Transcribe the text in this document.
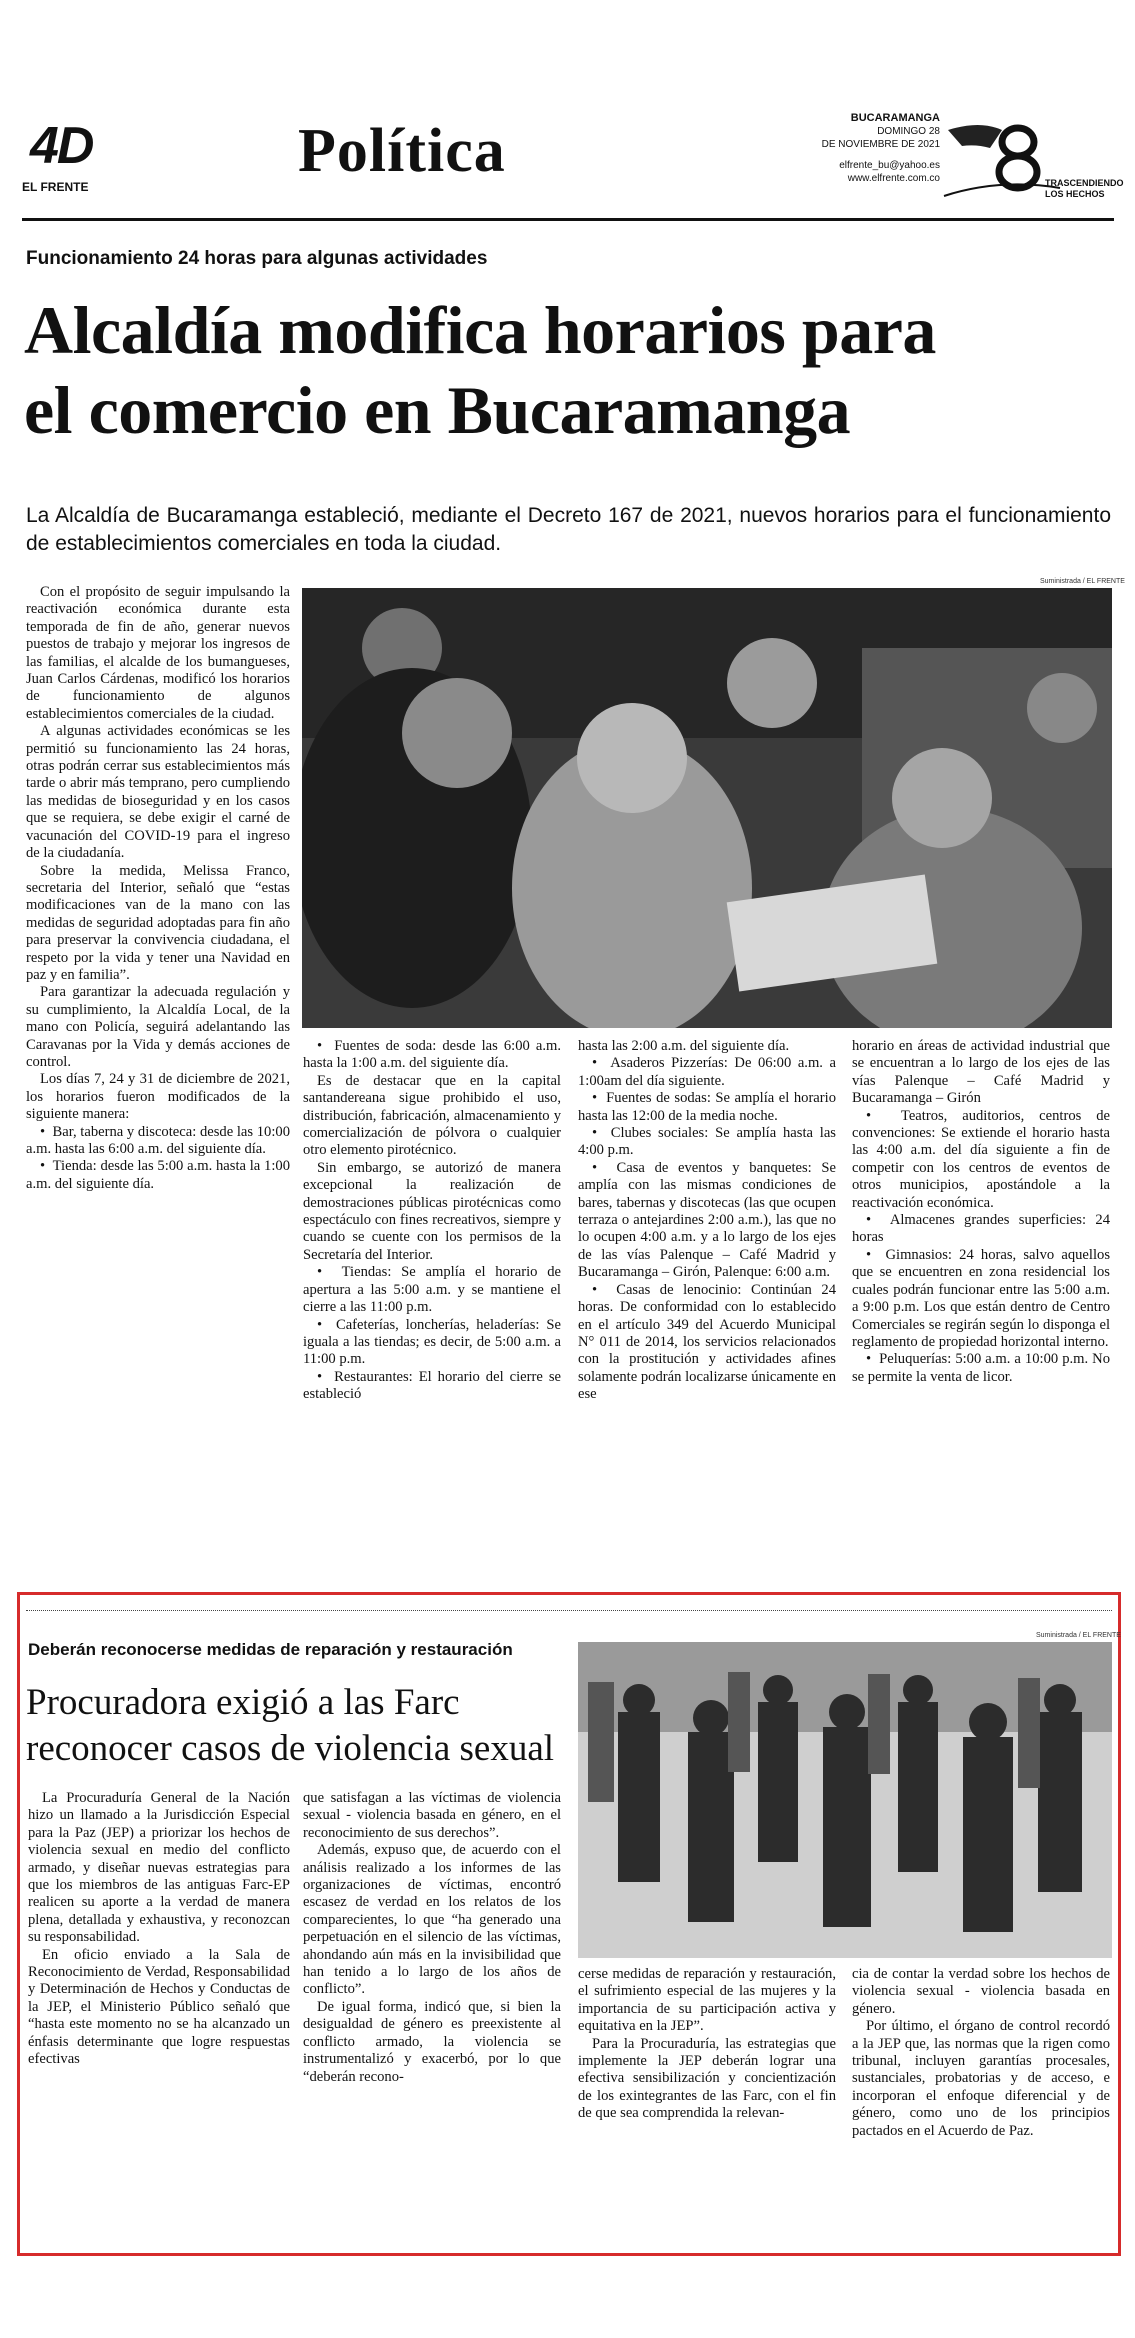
4D
EL FRENTE
Política	BUCARAMANGA
DOMINGO 28
DE NOVIEMBRE DE 2021
elfrente_bu@yahoo.es
www.elfrente.com.co	TRASCENDIENDO
LOS HECHOS
Funcionamiento 24 horas para algunas actividades
Alcaldía modifica horarios para
el comercio en Bucaramanga
La Alcaldía de Bucaramanga estableció, mediante el Decreto 167 de 2021, nuevos horarios para el funcionamiento de establecimientos comerciales en toda la ciudad.
Suministrada / EL FRENTE

Con el propósito de seguir impulsando la reactivación económica durante esta temporada de fin de año, generar nuevos puestos de trabajo y mejorar los ingresos de las familias, el alcalde de los bumangueses, Juan Carlos Cárdenas, modificó los horarios de funcionamiento de algunos establecimientos comerciales de la ciudad.

A algunas actividades económicas se les permitió su funcionamiento las 24 horas, otras podrán cerrar sus establecimientos más tarde o abrir más temprano, pero cumpliendo las medidas de bioseguridad y en los casos que se requiera, se debe exigir el carné de vacunación del COVID-19 para el ingreso de la ciudadanía.

Sobre la medida, Melissa Franco, secretaria del Interior, señaló que “estas modificaciones van de la mano con las medidas de seguridad adoptadas para fin año para preservar la convivencia ciudadana, el respeto por la vida y tener una Navidad en paz y en familia”.

Para garantizar la adecuada regulación y su cumplimiento, la Alcaldía Local, de la mano con Policía, seguirá adelantando las Caravanas por la Vida y demás acciones de control.

Los días 7, 24 y 31 de diciembre de 2021, los horarios fueron modificados de la siguiente manera:

•  Bar, taberna y discoteca: desde las 10:00 a.m. hasta las 6:00 a.m. del siguiente día.

•  Tienda: desde las 5:00 a.m. hasta la 1:00 a.m. del siguiente día.

•  Fuentes de soda: desde las 6:00 a.m. hasta la 1:00 a.m. del siguiente día.

Es de destacar que en la capital santandereana sigue prohibido el uso, distribución, fabricación, almacenamiento y comercialización de pólvora o cualquier otro elemento pirotécnico.

Sin embargo, se autorizó de manera excepcional la realización de demostraciones públicas pirotécnicas como espectáculo con fines recreativos, siempre y cuando se cuente con los permisos de la Secretaría del Interior.

•  Tiendas: Se amplía el horario de apertura a las 5:00 a.m. y se mantiene el cierre a las 11:00 p.m.

•  Cafeterías, loncherías, heladerías: Se iguala a las tiendas; es decir, de 5:00 a.m. a 11:00 p.m.

•  Restaurantes: El horario del cierre se estableció

hasta las 2:00 a.m. del siguiente día.

•  Asaderos Pizzerías: De 06:00 a.m. a 1:00am del día siguiente.

•  Fuentes de sodas: Se amplía el horario hasta las 12:00 de la media noche.

•  Clubes sociales: Se amplía hasta las 4:00 p.m.

•  Casa de eventos y banquetes: Se amplía con las mismas condiciones de bares, tabernas y discotecas (las que ocupen terraza o antejardines 2:00 a.m.), las que no lo ocupen 4:00 a.m. y a lo largo de los ejes de las vías Palenque – Café Madrid y Bucaramanga – Girón, Palenque: 6:00 a.m.

•  Casas de lenocinio: Continúan 24 horas. De conformidad con lo establecido en el artículo 349 del Acuerdo Municipal N° 011 de 2014, los servicios relacionados con la prostitución y actividades afines solamente podrán localizarse únicamente en ese

horario en áreas de actividad industrial que se encuentran a lo largo de los ejes de las vías Palenque – Café Madrid y Bucaramanga – Girón

•  Teatros, auditorios, centros de convenciones: Se extiende el horario hasta las 4:00 a.m. del día siguiente a fin de competir con los centros de eventos de otros municipios, apostándole a la reactivación económica.

•  Almacenes grandes superficies: 24 horas

•  Gimnasios: 24 horas, salvo aquellos que se encuentren en zona residencial los cuales podrán funcionar entre las 5:00 a.m. a 9:00 p.m. Los que están dentro de Centro Comerciales se regirán según lo disponga el reglamento de propiedad horizontal interno.

•  Peluquerías: 5:00 a.m. a 10:00 p.m. No se permite la venta de licor.

Deberán reconocerse medidas de reparación y restauración
Procuradora exigió a las Farc
reconocer casos de violencia sexual
Suministrada / EL FRENTE

La Procuraduría General de la Nación hizo un llamado a la Jurisdicción Especial para la Paz (JEP) a priorizar los hechos de violencia sexual en medio del conflicto armado, y diseñar nuevas estrategias para que los miembros de las antiguas Farc-EP realicen su aporte a la verdad de manera plena, detallada y exhaustiva, y reconozcan su responsabilidad.

En oficio enviado a la Sala de Reconocimiento de Verdad, Responsabilidad y Determinación de Hechos y Conductas de la JEP, el Ministerio Público señaló que “hasta este momento no se ha alcanzado un énfasis determinante que logre respuestas efectivas

que satisfagan a las víctimas de violencia sexual - violencia basada en género, en el reconocimiento de sus derechos”.

Además, expuso que, de acuerdo con el análisis realizado a los informes de las organizaciones de víctimas, encontró escasez de verdad en los relatos de los comparecientes, lo que “ha generado una perpetuación en el silencio de las víctimas, ahondando aún más en la invisibilidad que han tenido a lo largo de los años de conflicto”.

De igual forma, indicó que, si bien la desigualdad de género es preexistente al conflicto armado, la violencia se instrumentalizó y exacerbó, por lo que “deberán recono-

cerse medidas de reparación y restauración, el sufrimiento especial de las mujeres y la importancia de su participación activa y equitativa en la JEP”.

Para la Procuraduría, las estrategias que implemente la JEP deberán lograr una efectiva sensibilización y concientización de los exintegrantes de las Farc, con el fin de que sea comprendida la relevan-

cia de contar la verdad sobre los hechos de violencia sexual - violencia basada en género.

Por último, el órgano de control recordó a la JEP que, las normas que la rigen como tribunal, incluyen garantías procesales, sustanciales, probatorias y de acceso, e incorporan el enfoque diferencial y de género, como uno de los principios pactados en el Acuerdo de Paz.
